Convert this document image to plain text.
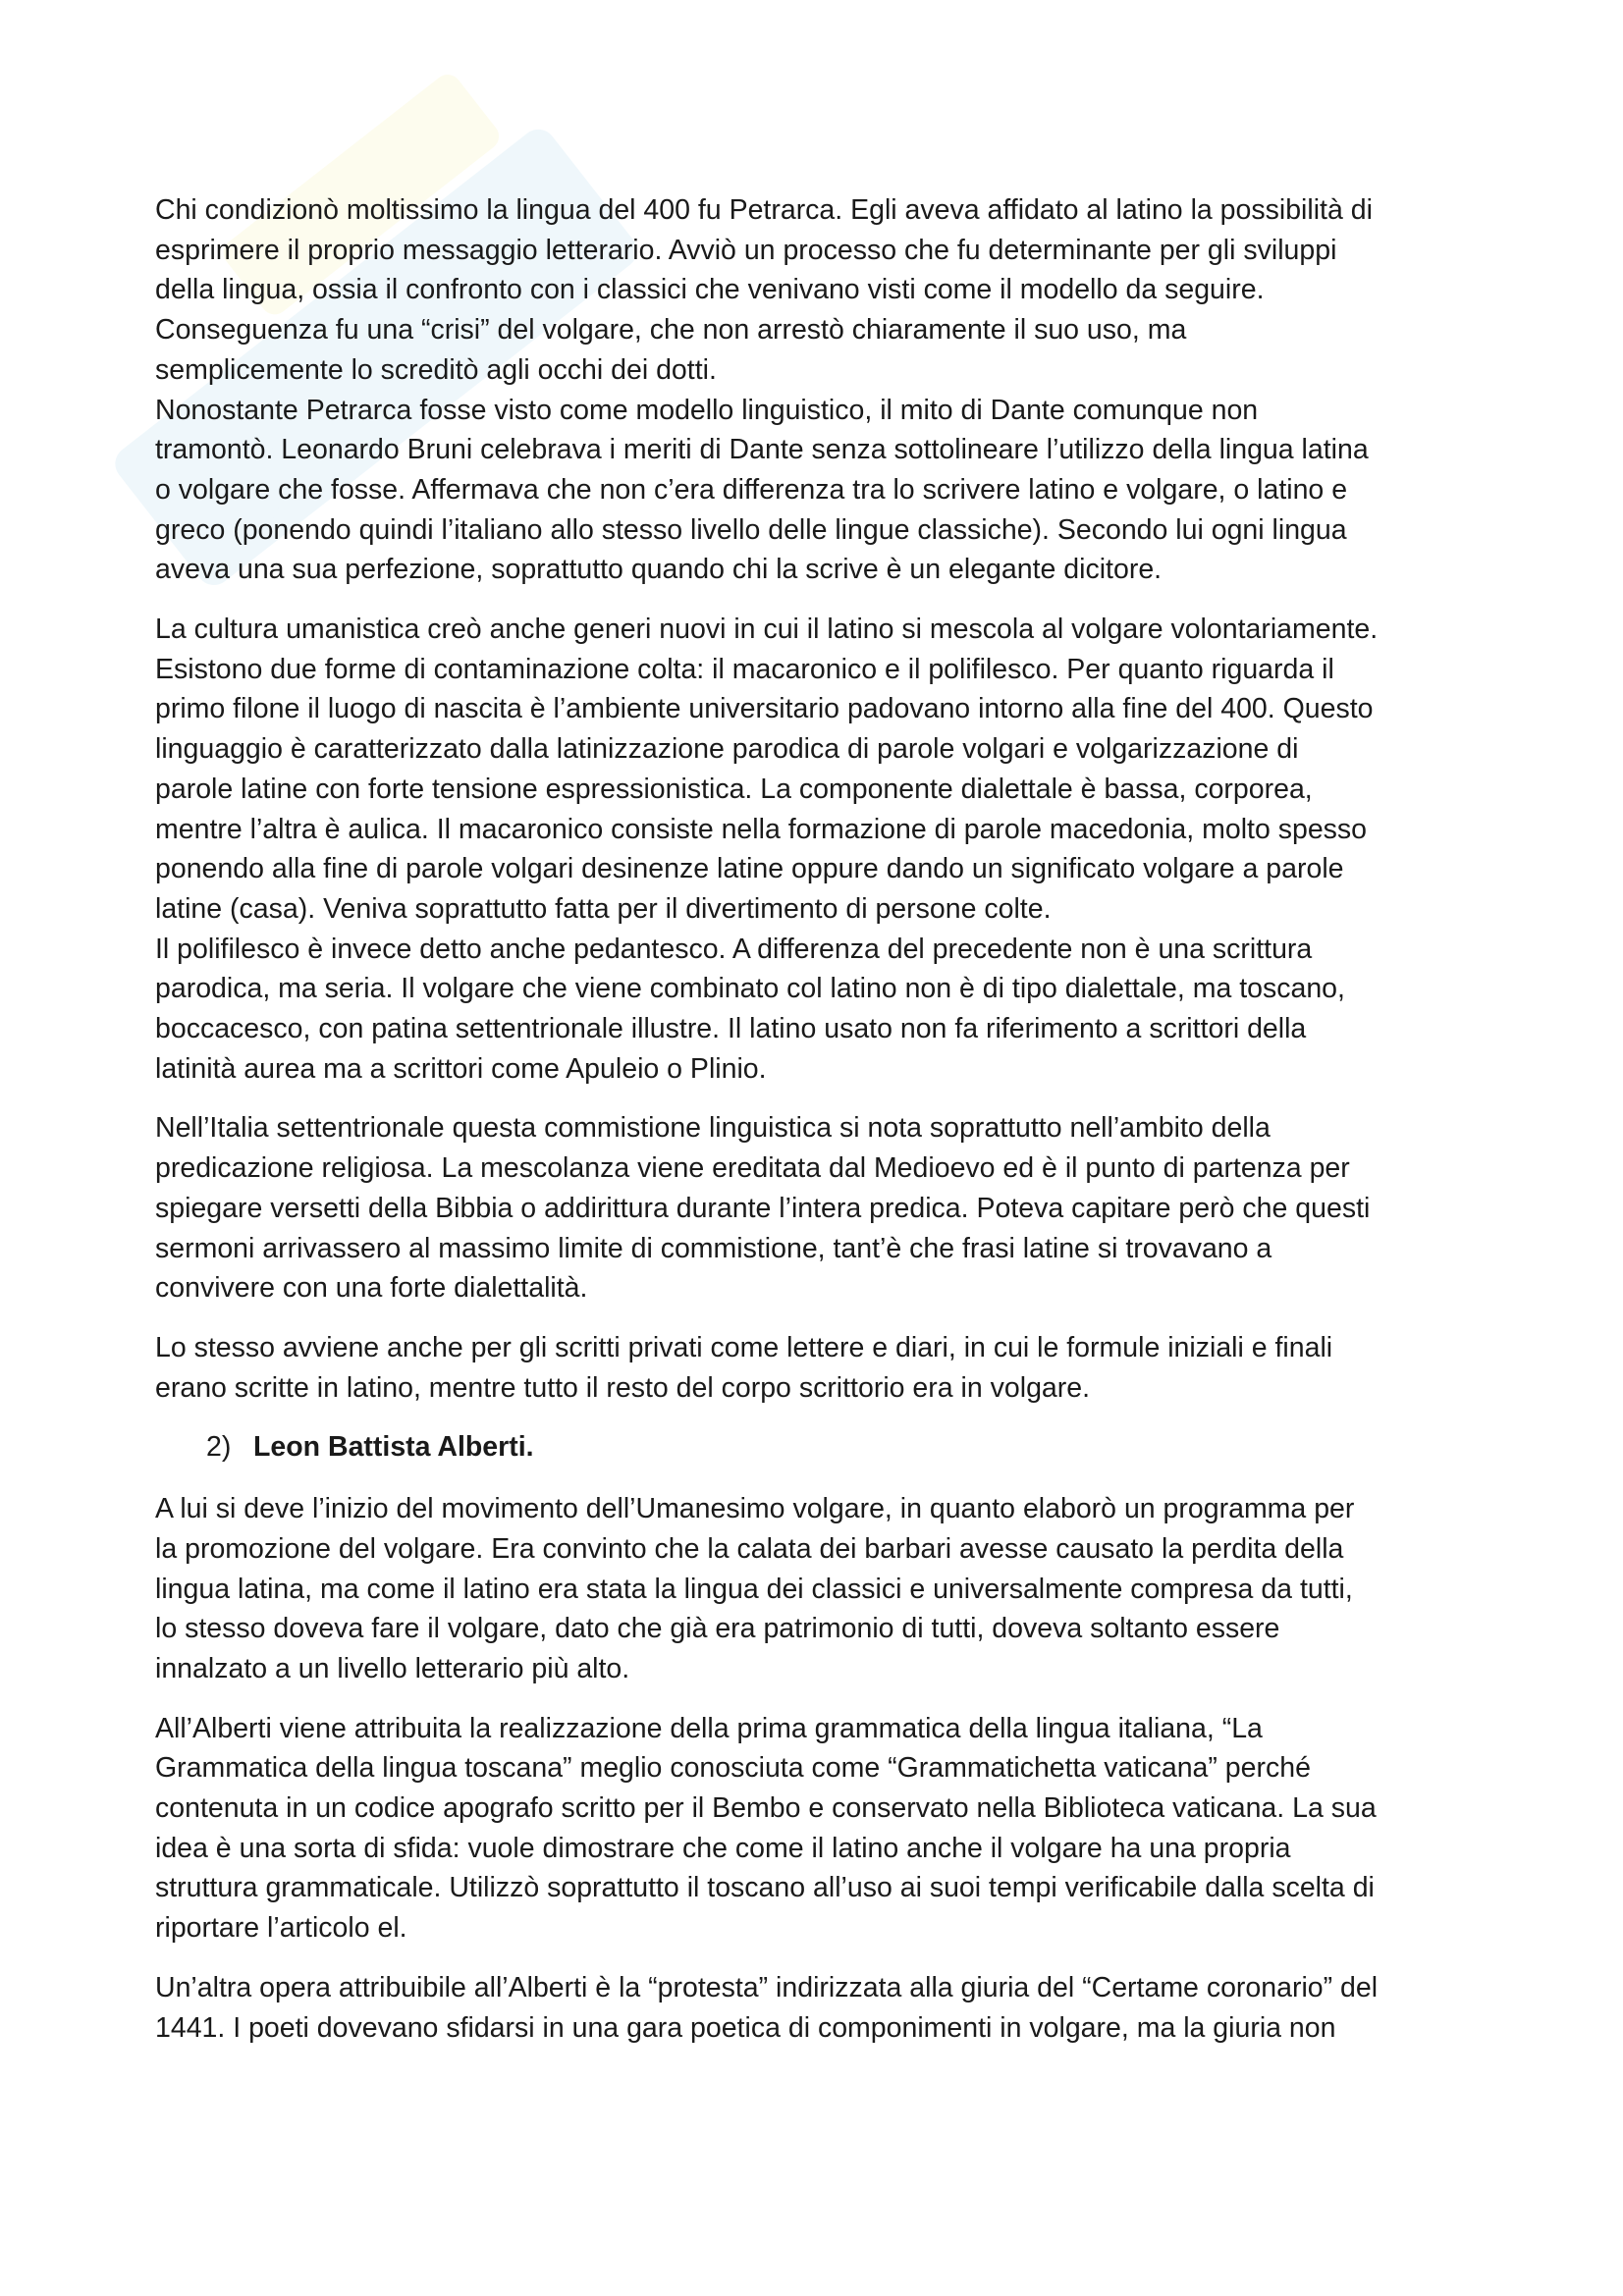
Chi condizionò moltissimo la lingua del 400 fu Petrarca. Egli aveva affidato al latino la possibilità di
esprimere il proprio messaggio letterario. Avviò un processo che fu determinante per gli sviluppi
della lingua, ossia il confronto con i classici che venivano visti come il modello da seguire.
Conseguenza fu una “crisi” del volgare, che non arrestò chiaramente il suo uso, ma
semplicemente lo screditò agli occhi dei dotti.
Nonostante Petrarca fosse visto come modello linguistico, il mito di Dante comunque non
tramontò. Leonardo Bruni celebrava i meriti di Dante senza sottolineare l’utilizzo della lingua latina
o volgare che fosse. Affermava che non c’era differenza tra lo scrivere latino e volgare, o latino e
greco (ponendo quindi l’italiano allo stesso livello delle lingue classiche). Secondo lui ogni lingua
aveva una sua perfezione, soprattutto quando chi la scrive è un elegante dicitore.
La cultura umanistica creò anche generi nuovi in cui il latino si mescola al volgare volontariamente.
Esistono due forme di contaminazione colta: il macaronico e il polifilesco. Per quanto riguarda il
primo filone il luogo di nascita è l’ambiente universitario padovano intorno alla fine del 400. Questo
linguaggio è caratterizzato dalla latinizzazione parodica di parole volgari e volgarizzazione di
parole latine con forte tensione espressionistica. La componente dialettale è bassa, corporea,
mentre l’altra è aulica. Il macaronico consiste nella formazione di parole macedonia, molto spesso
ponendo alla fine di parole volgari desinenze latine oppure dando un significato volgare a parole
latine (casa). Veniva soprattutto fatta per il divertimento di persone colte.
Il polifilesco è invece detto anche pedantesco. A differenza del precedente non è una scrittura
parodica, ma seria. Il volgare che viene combinato col latino non è di tipo dialettale, ma toscano,
boccacesco, con patina settentrionale illustre. Il latino usato non fa riferimento a scrittori della
latinità aurea ma a scrittori come Apuleio o Plinio.
Nell’Italia settentrionale questa commistione linguistica si nota soprattutto nell’ambito della
predicazione religiosa. La mescolanza viene ereditata dal Medioevo ed è il punto di partenza per
spiegare versetti della Bibbia o addirittura durante l’intera predica. Poteva capitare però che questi
sermoni arrivassero al massimo limite di commistione, tant’è che frasi latine si trovavano a
convivere con una forte dialettalità.
Lo stesso avviene anche per gli scritti privati come lettere e diari, in cui le formule iniziali e finali
erano scritte in latino, mentre tutto il resto del corpo scrittorio era in volgare.
2) Leon Battista Alberti.
A lui si deve l’inizio del movimento dell’Umanesimo volgare, in quanto elaborò un programma per
la promozione del volgare. Era convinto che la calata dei barbari avesse causato la perdita della
lingua latina, ma come il latino era stata la lingua dei classici e universalmente compresa da tutti,
lo stesso doveva fare il volgare, dato che già era patrimonio di tutti, doveva soltanto essere
innalzato a un livello letterario più alto.
All’Alberti viene attribuita la realizzazione della prima grammatica della lingua italiana, “La
Grammatica della lingua toscana” meglio conosciuta come “Grammatichetta vaticana” perché
contenuta in un codice apografo scritto per il Bembo e conservato nella Biblioteca vaticana. La sua
idea è una sorta di sfida: vuole dimostrare che come il latino anche il volgare ha una propria
struttura grammaticale. Utilizzò soprattutto il toscano all’uso ai suoi tempi verificabile dalla scelta di
riportare l’articolo el.
Un’altra opera attribuibile all’Alberti è la “protesta” indirizzata alla giuria del “Certame coronario” del
1441. I poeti dovevano sfidarsi in una gara poetica di componimenti in volgare, ma la giuria non
